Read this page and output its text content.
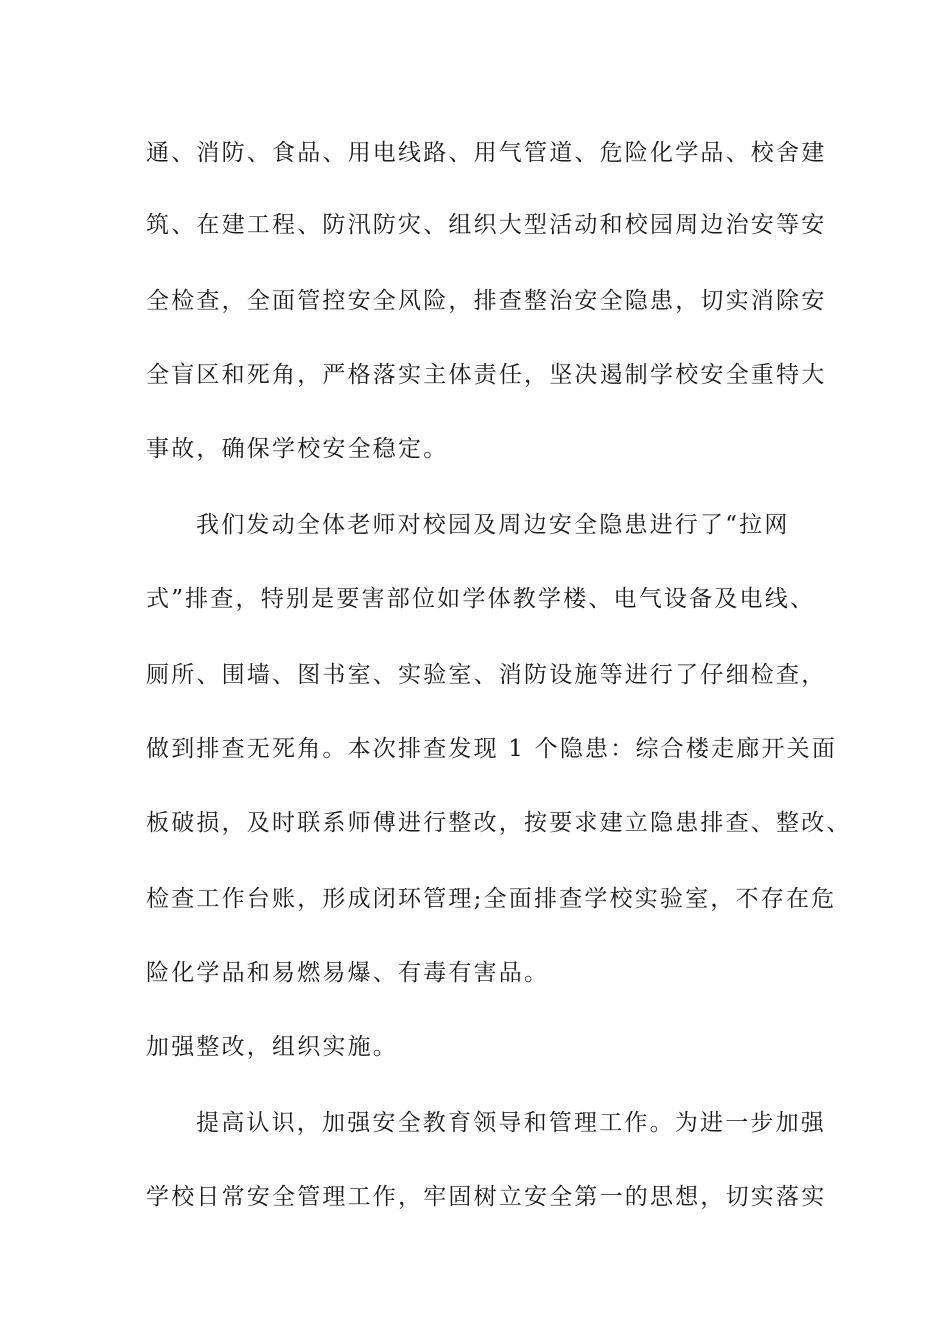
通、消防、食品、用电线路、用气管道、危险化学品、校舍建
筑、在建工程、防汛防灾、组织大型活动和校园周边治安等安
全检查，全面管控安全风险，排查整治安全隐患，切实消除安
全盲区和死角，严格落实主体责任，坚决遏制学校安全重特大
事故，确保学校安全稳定。
我们发动全体老师对校园及周边安全隐患进行了“拉网
式”排查，特别是要害部位如学体教学楼、电气设备及电线、
厕所、围墙、图书室、实验室、消防设施等进行了仔细检查，
做到排查无死角。本次排查发现 1 个隐患：综合楼走廊开关面
板破损，及时联系师傅进行整改，按要求建立隐患排查、整改、
检查工作台账，形成闭环管理;全面排查学校实验室，不存在危
险化学品和易燃易爆、有毒有害品。
加强整改，组织实施。
提高认识，加强安全教育领导和管理工作。为进一步加强
学校日常安全管理工作，牢固树立安全第一的思想，切实落实
